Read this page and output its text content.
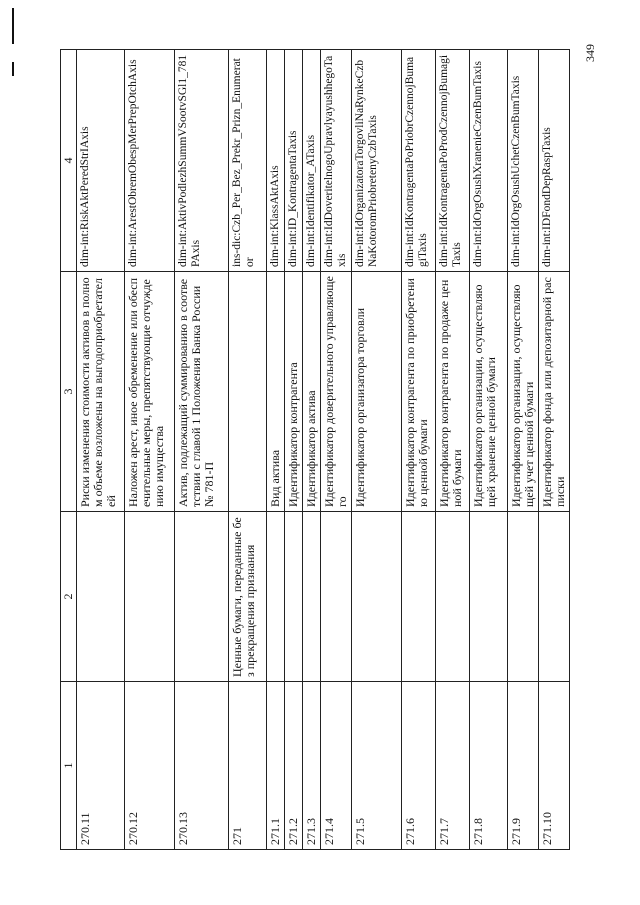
349
1	2	3	4
270.11		Риски изменения стоимости активов в полном объеме возложены на выгодоприобретателей	dim-int:RiskAktPeredStrIAxis
270.12		Наложен арест, иное обременение или обеспечительные меры, препятствующие отчуждению имущества	dim-int:ArestObremObespMerPrepOtchAxis
270.13		Актив, подлежащий суммированию в соответствии с главой 1 Положения Банка России № 781-П	dim-int:AktivPodlezhSummVSootvSGl1_781PAxis
271	Ценные бумаги, переданные без прекращения признания		ins-dic:Czb_Per_Bez_Prekr_Prizn_Enumerator
271.1		Вид актива	dim-int:KlassAktAxis
271.2		Идентификатор контрагента	dim-int:ID_KontragentaTaxis
271.3		Идентификатор актива	dim-int:Identifikator_ATaxis
271.4		Идентификатор доверительного управляющего	dim-int:IdDoveritelnogoUpravlyayushhegoTaxis
271.5		Идентификатор организатора торговли	dim-int:IdOrganizatoraTorgovliNaRynkeCzbNaKotoromPriobretenyCzbTaxis
271.6		Идентификатор контрагента по приобретению ценной бумаги	dim-int:IdKontragentaPoPriobrCzennojBumagiTaxis
271.7		Идентификатор контрагента по продаже ценной бумаги	dim-int:IdKontragentaPoProdCzennojBumagiTaxis
271.8		Идентификатор организации, осуществляющей хранение ценной бумаги	dim-int:IdOrgOsushXranenieCzenBumTaxis
271.9		Идентификатор организации, осуществляющей учет ценной бумаги	dim-int:IdOrgOsushUchetCzenBumTaxis
271.10		Идентификатор фонда или депозитарной расписки	dim-int:IDFondDepRaspTaxis
